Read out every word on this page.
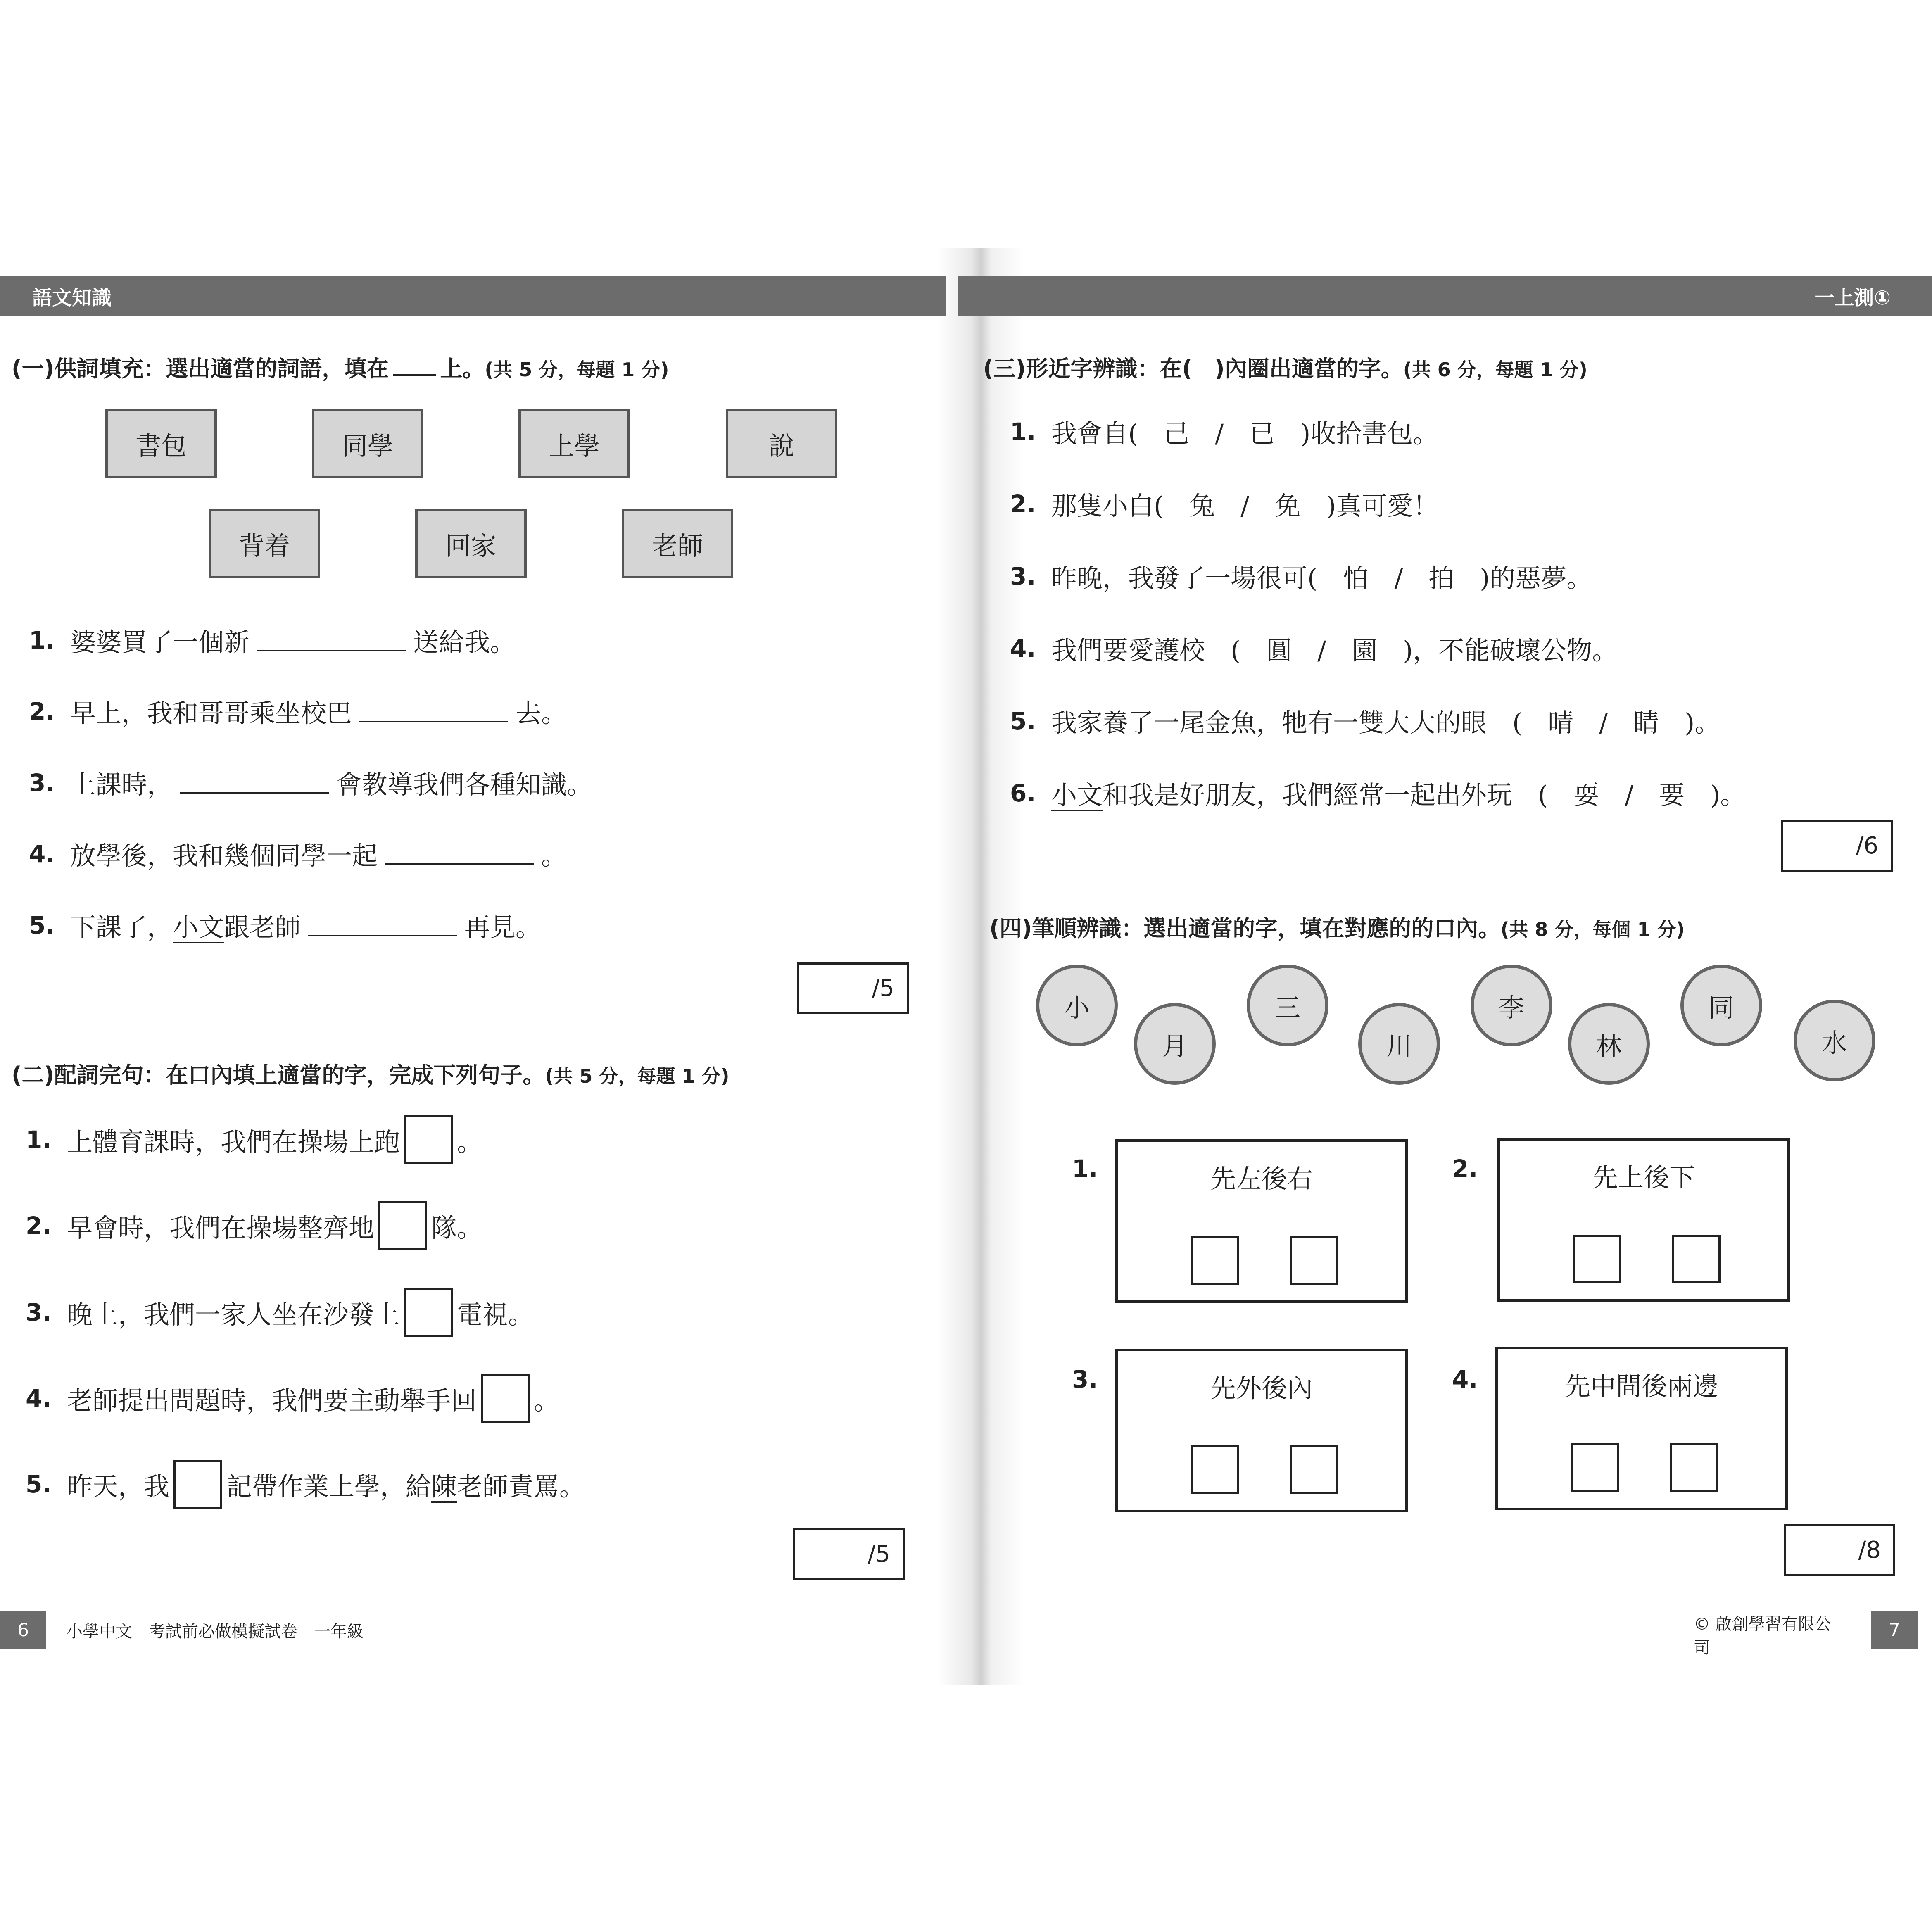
語文知識
(一)供詞填充：選出適當的詞語，填在 上。(共 5 分，每題 1 分)
書包	同學	上學	說
背着	回家	老師
1. 婆婆買了一個新	送給我。
2. 早上，我和哥哥乘坐校巴	去。
3. 上課時，	會教導我們各種知識。
4. 放學後，我和幾個同學一起	。
5. 下課了， 小文 跟老師	再見。
/5
(二)配詞完句：在口內填上適當的字，完成下列句子。(共 5 分，每題 1 分)
1. 上體育課時，我們在操場上跑 。
2. 早會時，我們在操場整齊地 隊。
3. 晚上，我們一家人坐在沙發上 電視。
4. 老師提出問題時，我們要主動舉手回 。
5. 昨天，我 記帶作業上學，給 陳 老師責罵。
/5
6	小學中文　考試前必做模擬試卷　一年級
一上測①
(三)形近字辨識：在(　)內圈出適當的字。(共 6 分，每題 1 分)
1. 我會自(　己　/　已　)收拾書包。
2. 那隻小白(　兔　/　免　)真可愛！
3. 昨晚，我發了一場很可(　怕　/　拍　)的惡夢。
4. 我們要愛護校　(　圓　/　園　)，不能破壞公物。
5. 我家養了一尾金魚，牠有一雙大大的眼　(　晴　/　睛　)。
6. 小文 和我是好朋友，我們經常一起出外玩　(　耍　/　要　)。
/6
(四)筆順辨識：選出適當的字，填在對應的的口內。(共 8 分，每個 1 分)
小
月
三
川
李
林
同
水
1.	先左後右	2.	先上後下
3.	先外後內	4.	先中間後兩邊
/8
© 啟創學習有限公司
7
